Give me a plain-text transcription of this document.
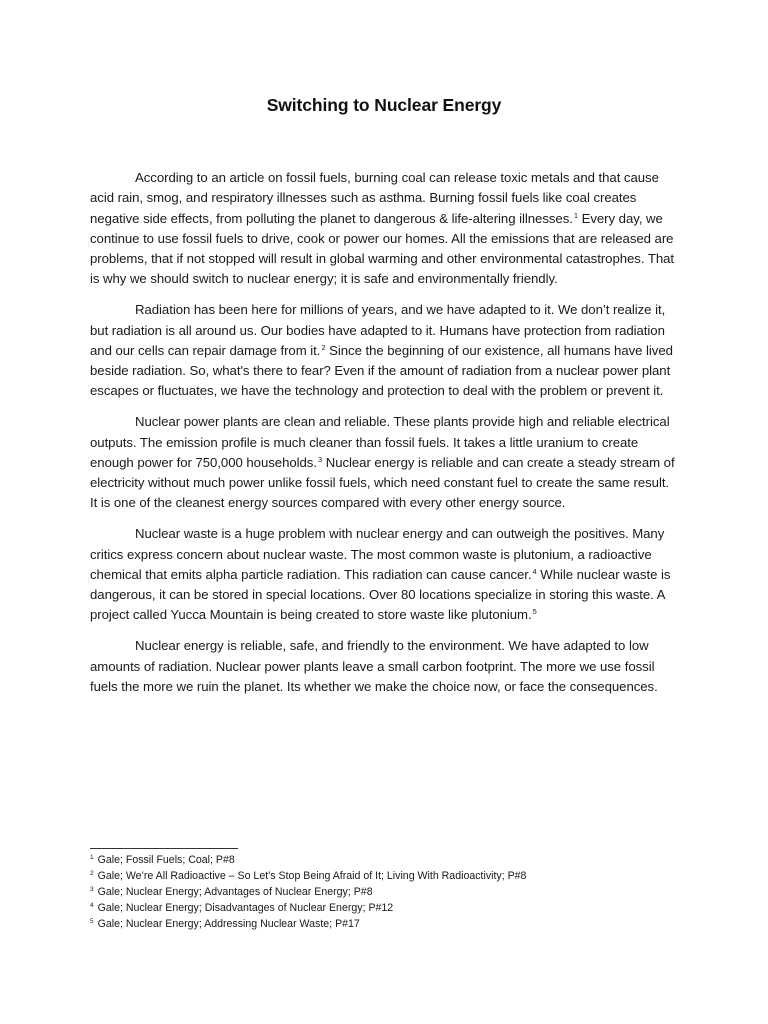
Switching to Nuclear Energy

According to an article on fossil fuels, burning coal can release toxic metals and that cause acid rain, smog, and respiratory illnesses such as asthma. Burning fossil fuels like coal creates negative side effects, from polluting the planet to dangerous & life-altering illnesses.$^1$ Every day, we continue to use fossil fuels to drive, cook or power our homes. All the emissions that are released are problems, that if not stopped will result in global warming and other environmental catastrophes. That is why we should switch to nuclear energy; it is safe and environmentally friendly.

Radiation has been here for millions of years, and we have adapted to it. We don’t realize it, but radiation is all around us. Our bodies have adapted to it. Humans have protection from radiation and our cells can repair damage from it.$^2$ Since the beginning of our existence, all humans have lived beside radiation. So, what's there to fear? Even if the amount of radiation from a nuclear power plant escapes or fluctuates, we have the technology and protection to deal with the problem or prevent it.

Nuclear power plants are clean and reliable. These plants provide high and reliable electrical outputs. The emission profile is much cleaner than fossil fuels. It takes a little uranium to create enough power for 750,000 households.$^3$ Nuclear energy is reliable and can create a steady stream of electricity without much power unlike fossil fuels, which need constant fuel to create the same result. It is one of the cleanest energy sources compared with every other energy source.

Nuclear waste is a huge problem with nuclear energy and can outweigh the positives. Many critics express concern about nuclear waste. The most common waste is plutonium, a radioactive chemical that emits alpha particle radiation. This radiation can cause cancer.$^4$ While nuclear waste is dangerous, it can be stored in special locations. Over 80 locations specialize in storing this waste. A project called Yucca Mountain is being created to store waste like plutonium.$^5$

Nuclear energy is reliable, safe, and friendly to the environment. We have adapted to low amounts of radiation. Nuclear power plants leave a small carbon footprint. The more we use fossil fuels the more we ruin the planet. Its whether we make the choice now, or face the consequences.

$^1$ Gale; Fossil Fuels; Coal; P#8
$^2$ Gale; We’re All Radioactive – So Let’s Stop Being Afraid of It; Living With Radioactivity; P#8
$^3$ Gale; Nuclear Energy; Advantages of Nuclear Energy; P#8
$^4$ Gale; Nuclear Energy; Disadvantages of Nuclear Energy; P#12
$^5$ Gale; Nuclear Energy; Addressing Nuclear Waste; P#17
